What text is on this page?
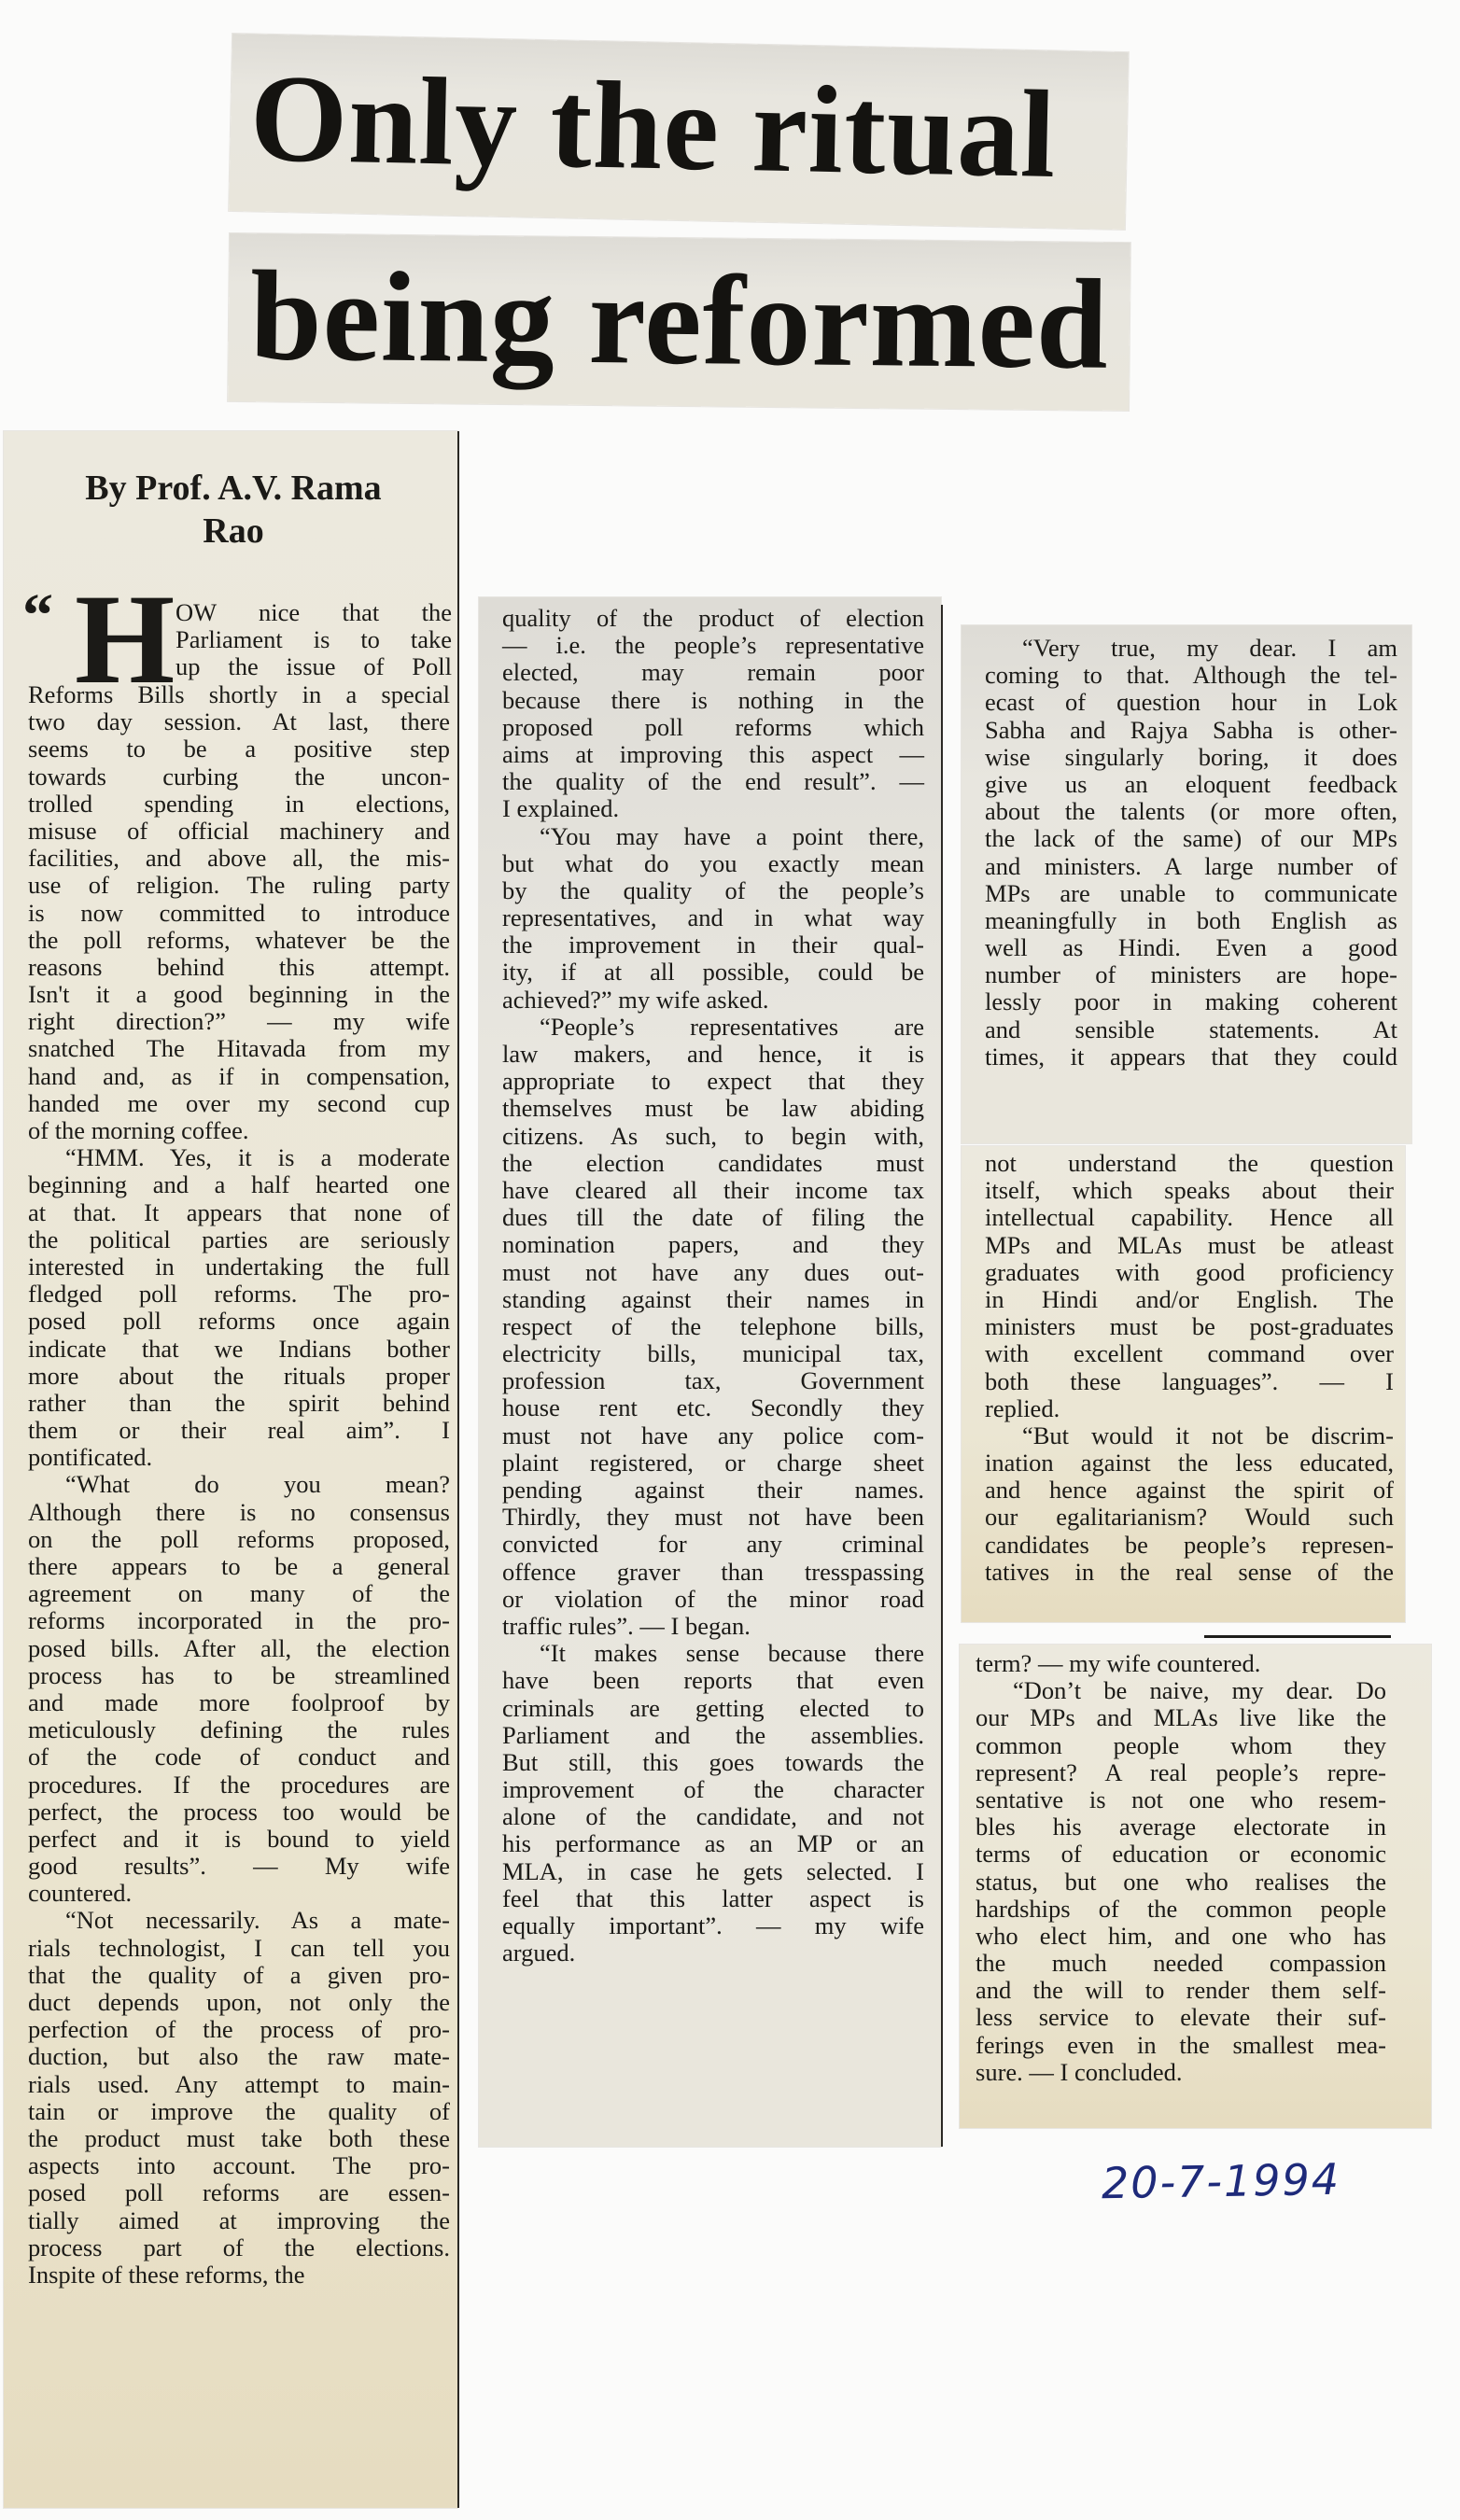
Only the ritual
being reformed
By Prof. A.V. Rama
Rao
“ H OW nice that the
Parliament is to take
up the issue of Poll
Reforms Bills shortly in a special
two day session. At last, there
seems to be a positive step
towards curbing the uncon-
trolled spending in elections,
misuse of official machinery and
facilities, and above all, the mis-
use of religion. The ruling party
is now committed to introduce
the poll reforms, whatever be the
reasons behind this attempt.
Isn't it a good beginning in the
right direction?” — my wife
snatched The Hitavada from my
hand and, as if in compensation,
handed me over my second cup
of the morning coffee.
“HMM. Yes, it is a moderate
beginning and a half hearted one
at that. It appears that none of
the political parties are seriously
interested in undertaking the full
fledged poll reforms. The pro-
posed poll reforms once again
indicate that we Indians bother
more about the rituals proper
rather than the spirit behind
them or their real aim”. I
pontificated.
“What do you mean?
Although there is no consensus
on the poll reforms proposed,
there appears to be a general
agreement on many of the
reforms incorporated in the pro-
posed bills. After all, the election
process has to be streamlined
and made more foolproof by
meticulously defining the rules
of the code of conduct and
procedures. If the procedures are
perfect, the process too would be
perfect and it is bound to yield
good results”. — My wife
countered.
“Not necessarily. As a mate-
rials technologist, I can tell you
that the quality of a given pro-
duct depends upon, not only the
perfection of the process of pro-
duction, but also the raw mate-
rials used. Any attempt to main-
tain or improve the quality of
the product must take both these
aspects into account. The pro-
posed poll reforms are essen-
tially aimed at improving the
process part of the elections.
Inspite of these reforms, the
quality of the product of election
— i.e. the people’s representative
elected, may remain poor
because there is nothing in the
proposed poll reforms which
aims at improving this aspect —
the quality of the end result”. —
I explained.
“You may have a point there,
but what do you exactly mean
by the quality of the people’s
representatives, and in what way
the improvement in their qual-
ity, if at all possible, could be
achieved?” my wife asked.
“People’s representatives are
law makers, and hence, it is
appropriate to expect that they
themselves must be law abiding
citizens. As such, to begin with,
the election candidates must
have cleared all their income tax
dues till the date of filing the
nomination papers, and they
must not have any dues out-
standing against their names in
respect of the telephone bills,
electricity bills, municipal tax,
profession tax, Government
house rent etc. Secondly they
must not have any police com-
plaint registered, or charge sheet
pending against their names.
Thirdly, they must not have been
convicted for any criminal
offence graver than tresspassing
or violation of the minor road
traffic rules”. — I began.
“It makes sense because there
have been reports that even
criminals are getting elected to
Parliament and the assemblies.
But still, this goes towards the
improvement of the character
alone of the candidate, and not
his performance as an MP or an
MLA, in case he gets selected. I
feel that this latter aspect is
equally important”. — my wife
argued.
“Very true, my dear. I am
coming to that. Although the tel-
ecast of question hour in Lok
Sabha and Rajya Sabha is other-
wise singularly boring, it does
give us an eloquent feedback
about the talents (or more often,
the lack of the same) of our MPs
and ministers. A large number of
MPs are unable to communicate
meaningfully in both English as
well as Hindi. Even a good
number of ministers are hope-
lessly poor in making coherent
and sensible statements. At
times, it appears that they could
not understand the question
itself, which speaks about their
intellectual capability. Hence all
MPs and MLAs must be atleast
graduates with good proficiency
in Hindi and/or English. The
ministers must be post-graduates
with excellent command over
both these languages”. — I
replied.
“But would it not be discrim-
ination against the less educated,
and hence against the spirit of
our egalitarianism? Would such
candidates be people’s represen-
tatives in the real sense of the
term? — my wife countered.
“Don’t be naive, my dear. Do
our MPs and MLAs live like the
common people whom they
represent? A real people’s repre-
sentative is not one who resem-
bles his average electorate in
terms of education or economic
status, but one who realises the
hardships of the common people
who elect him, and one who has
the much needed compassion
and the will to render them self-
less service to elevate their suf-
ferings even in the smallest mea-
sure. — I concluded.
20-7-1994
